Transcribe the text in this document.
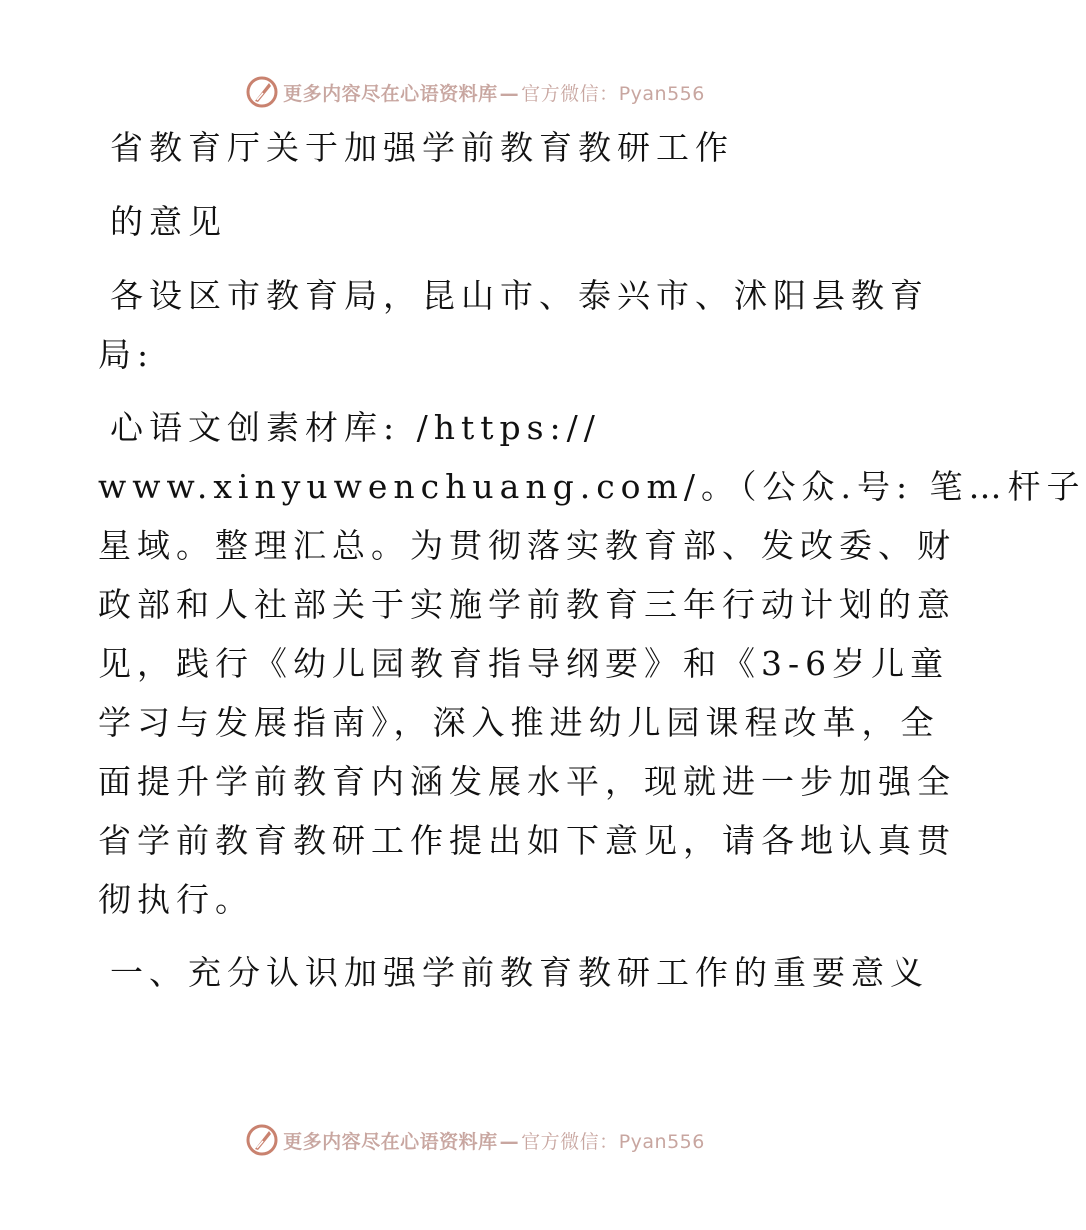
更多内容尽在心语资料库 — 官方微信：Pyan556
省教育厅关于加强学前教育教研工作
的意见
各设区市教育局，昆山市、泰兴市、沭阳县教育
局:
心语文创素材库: /https://
www.xinyuwenchuang.com/。（公众.号: 笔…杆子
星域。整理汇总。为贯彻落实教育部、发改委、财
政部和人社部关于实施学前教育三年行动计划的意
见，践行《幼儿园教育指导纲要》和《3-6岁儿童
学习与发展指南》，深入推进幼儿园课程改革，全
面提升学前教育内涵发展水平，现就进一步加强全
省学前教育教研工作提出如下意见，请各地认真贯
彻执行。
一、充分认识加强学前教育教研工作的重要意义
更多内容尽在心语资料库 — 官方微信：Pyan556
